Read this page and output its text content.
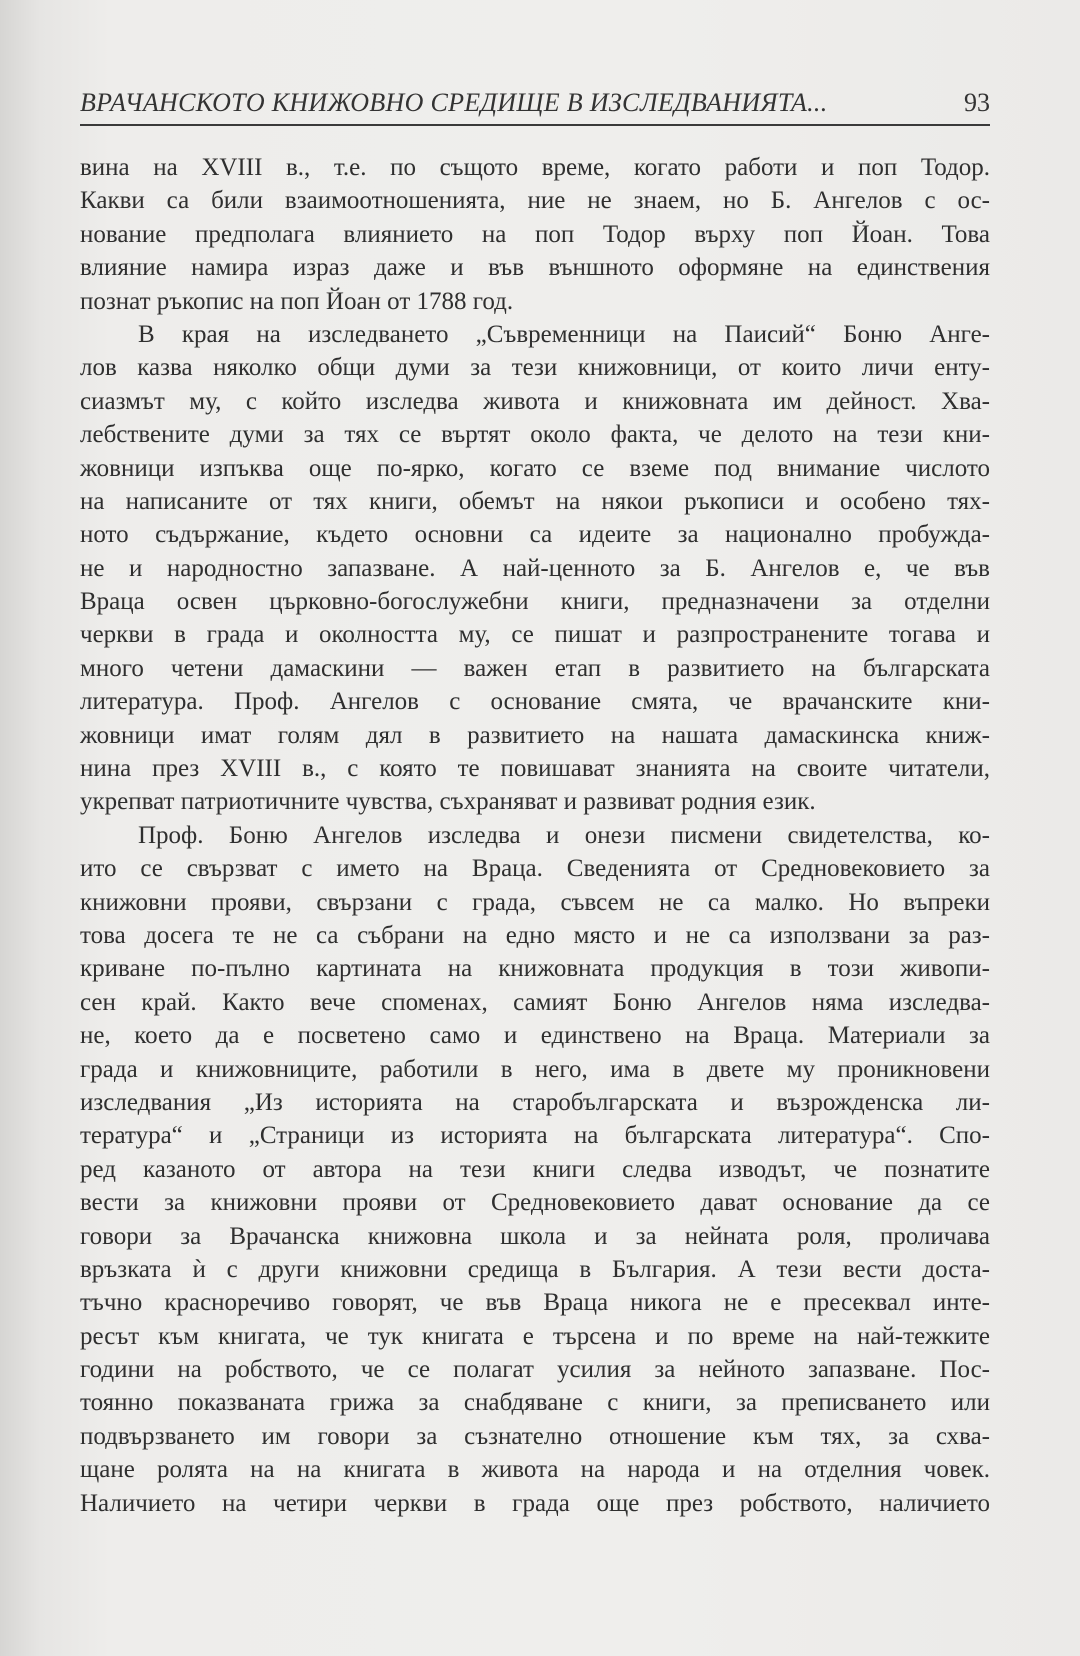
ВРАЧАНСКОТО КНИЖОВНО СРЕДИЩЕ В ИЗСЛЕДВАНИЯТА...	93
вина на XVIII в., т.е. по същото време, когато работи и поп Тодор.
Какви са били взаимоотношенията, ние не знаем, но Б. Ангелов с ос-
нование предполага влиянието на поп Тодор върху поп Йоан. Това
влияние намира израз даже и във външното оформяне на единствения
познат ръкопис на поп Йоан от 1788 год.
В края на изследването „Съвременници на Паисий“ Боню Анге-
лов казва няколко общи думи за тези книжовници, от които личи енту-
сиазмът му, с който изследва живота и книжовната им дейност. Хва-
лебствените думи за тях се въртят около факта, че делото на тези кни-
жовници изпъква още по-ярко, когато се вземе под внимание числото
на написаните от тях книги, обемът на някои ръкописи и особено тях-
ното съдържание, където основни са идеите за национално пробужда-
не и народностно запазване. А най-ценното за Б. Ангелов е, че във
Враца освен църковно-богослужебни книги, предназначени за отделни
черкви в града и околността му, се пишат и разпространените тогава и
много четени дамаскини — важен етап в развитието на българската
литература. Проф. Ангелов с основание смята, че врачанските кни-
жовници имат голям дял в развитието на нашата дамаскинска книж-
нина през XVIII в., с която те повишават знанията на своите читатели,
укрепват патриотичните чувства, съхраняват и развиват родния език.
Проф. Боню Ангелов изследва и онези писмени свидетелства, ко-
ито се свързват с името на Враца. Сведенията от Средновековието за
книжовни прояви, свързани с града, съвсем не са малко. Но въпреки
това досега те не са събрани на едно място и не са използвани за раз-
криване по-пълно картината на книжовната продукция в този живопи-
сен край. Както вече споменах, самият Боню Ангелов няма изследва-
не, което да е посветено само и единствено на Враца. Материали за
града и книжовниците, работили в него, има в двете му проникновени
изследвания „Из историята на старобългарската и възрожденска ли-
тература“ и „Страници из историята на българската литература“. Спо-
ред казаното от автора на тези книги следва изводът, че познатите
вести за книжовни прояви от Средновековието дават основание да се
говори за Врачанска книжовна школа и за нейната роля, проличава
връзката ѝ с други книжовни средища в България. А тези вести доста-
тъчно красноречиво говорят, че във Враца никога не е пресеквал инте-
ресът към книгата, че тук книгата е търсена и по време на най-тежките
години на робството, че се полагат усилия за нейното запазване. Пос-
тоянно показваната грижа за снабдяване с книги, за преписването или
подвързването им говори за съзнателно отношение към тях, за схва-
щане ролята на на книгата в живота на народа и на отделния човек.
Наличието на четири черкви в града още през робството, наличието
